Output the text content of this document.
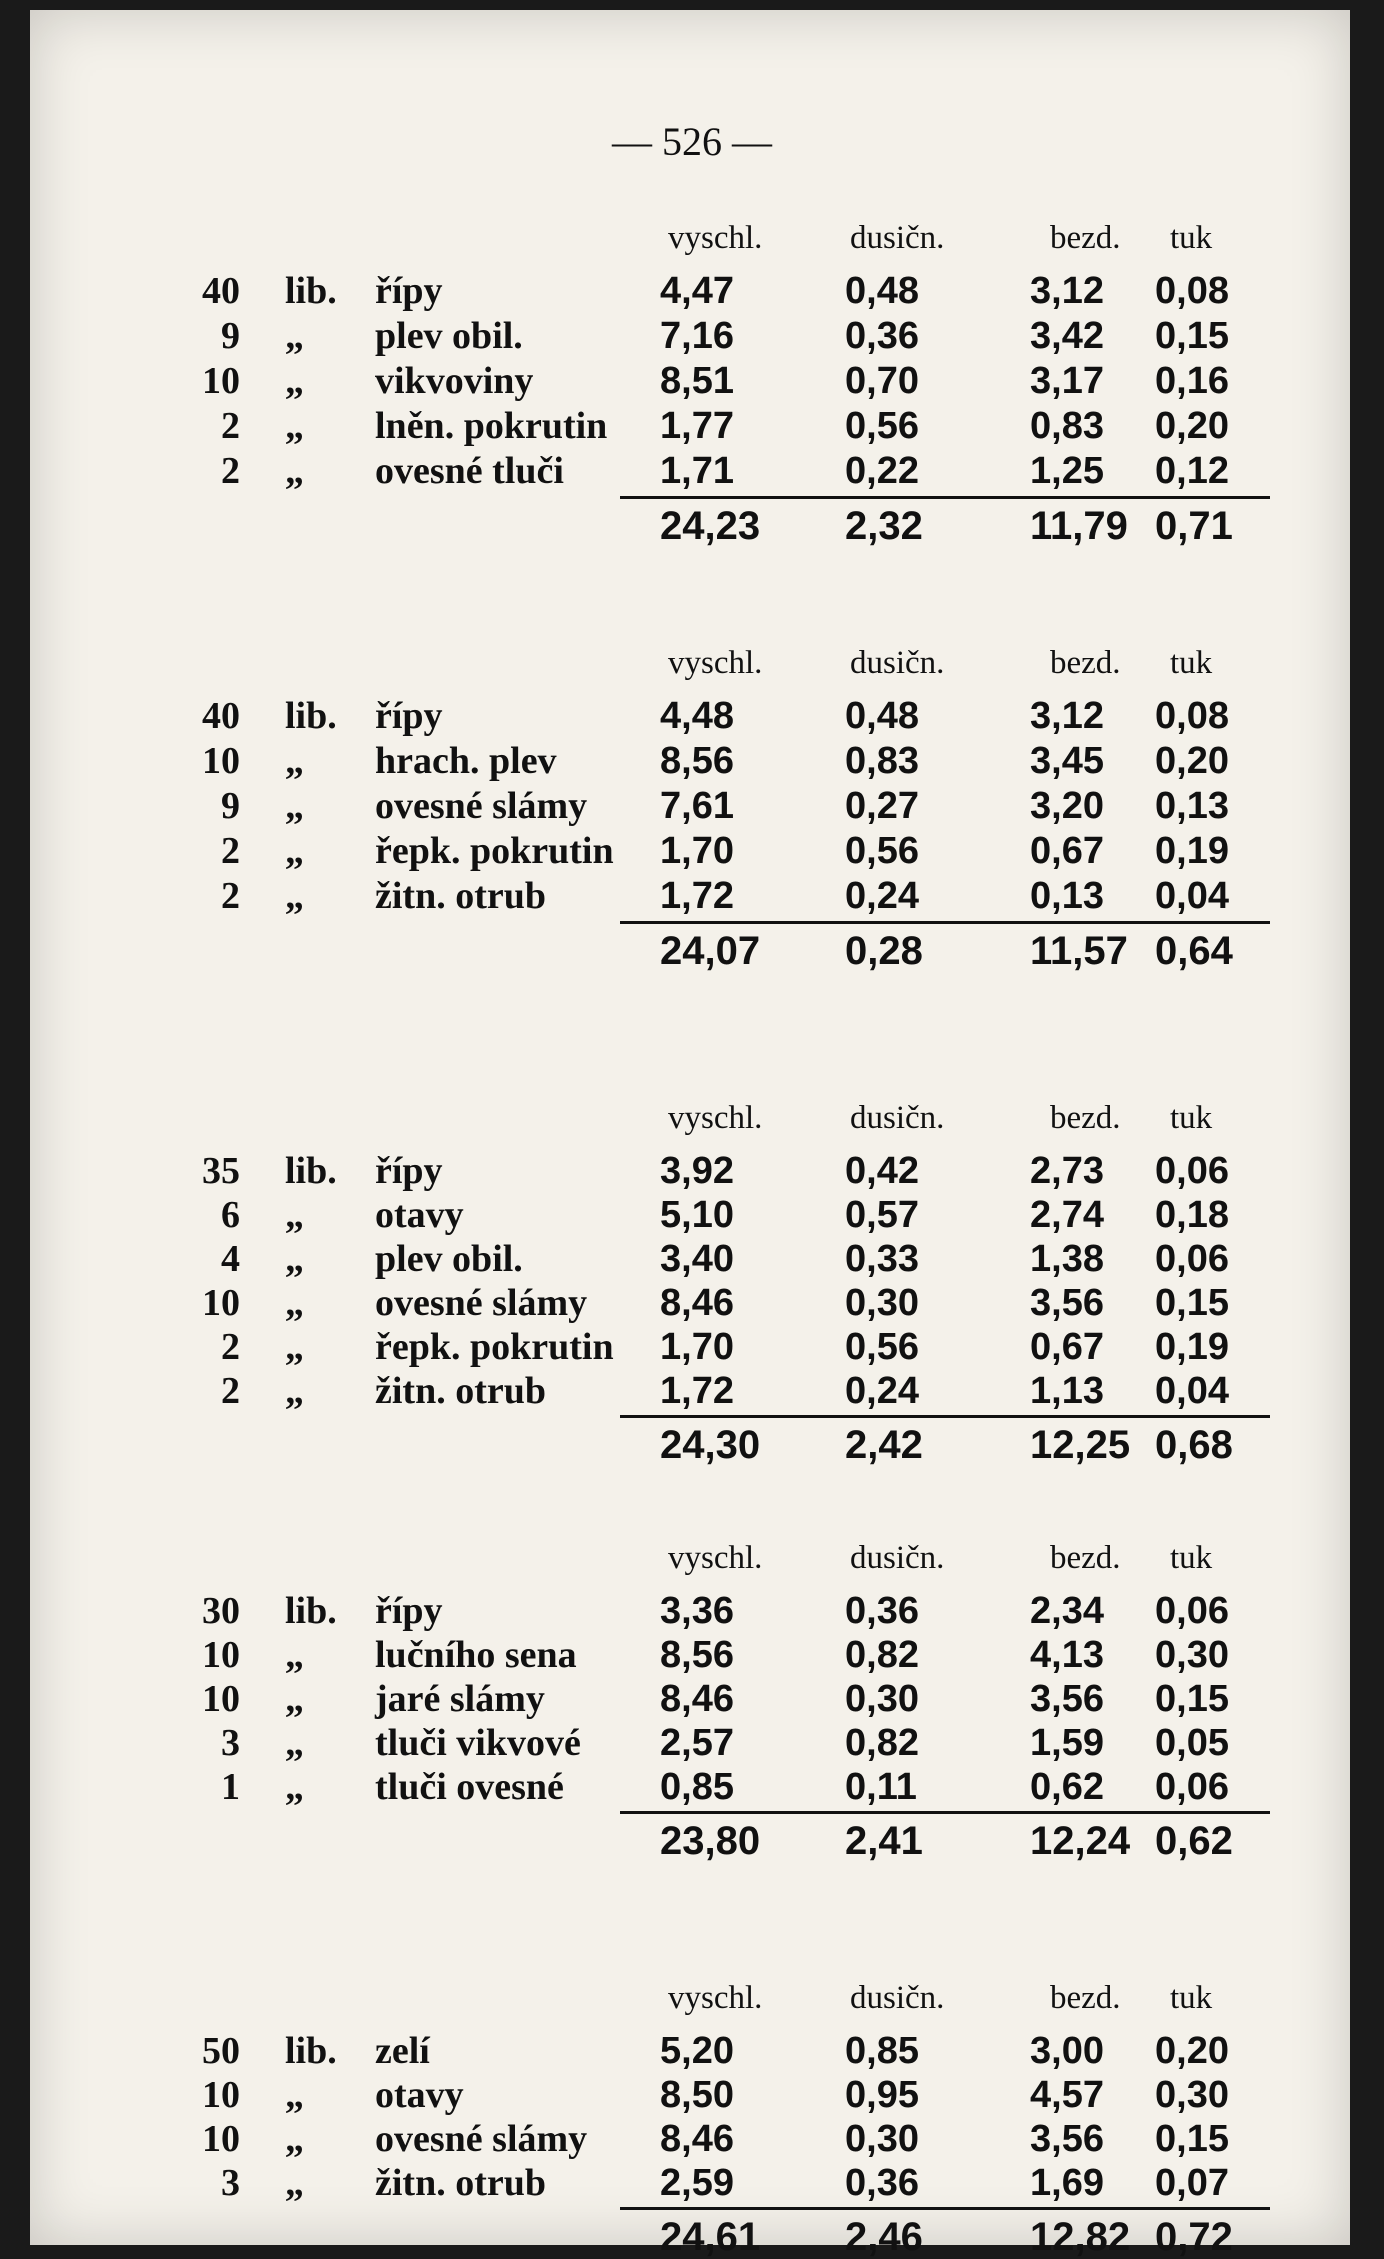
— 526 —
vyschl.	dusičn.	bezd. tuk
40 lib. řípy	4,47	0,48	3,12 0,08
9 „ plev obil.	7,16	0,36	3,42 0,15
10 „ vikvoviny	8,51	0,70	3,17 0,16
2 „ lněn. pokrutin 1,77	0,56	0,83 0,20
2 „ ovesné tluči	1,71	0,22	1,25 0,12
24,23 2,32	11,79 0,71
vyschl.	dusičn.	bezd. tuk
40 lib. řípy	4,48	0,48	3,12 0,08
10 „ hrach. plev	8,56	0,83	3,45 0,20
9 „ ovesné slámy 7,61	0,27	3,20 0,13
2 „ řepk. pokrutin 1,70	0,56	0,67 0,19
2 „ žitn. otrub	1,72	0,24	0,13 0,04
24,07 0,28	11,57 0,64
vyschl.	dusičn.	bezd. tuk
35 lib. řípy	3,92	0,42	2,73 0,06
6 „ otavy	5,10	0,57	2,74 0,18
4 „ plev obil.	3,40	0,33	1,38 0,06
10 „ ovesné slámy 8,46	0,30	3,56 0,15
2 „ řepk. pokrutin 1,70	0,56	0,67 0,19
2 „ žitn. otrub	1,72	0,24	1,13 0,04
24,30 2,42	12,25 0,68
vyschl.	dusičn.	bezd. tuk
30 lib. řípy	3,36	0,36	2,34 0,06
10 „ lučního sena 8,56	0,82	4,13 0,30
10 „ jaré slámy	8,46	0,30	3,56 0,15
3 „ tluči vikvové 2,57	0,82	1,59 0,05
1 „ tluči ovesné	0,85	0,11	0,62 0,06
23,80 2,41	12,24 0,62
vyschl.	dusičn.	bezd. tuk
50 lib. zelí	5,20	0,85	3,00 0,20
10 „ otavy	8,50	0,95	4,57 0,30
10 „ ovesné slámy 8,46	0,30	3,56 0,15
3 „ žitn. otrub	2,59	0,36	1,69 0,07
24,61 2,46	12,82 0,72
